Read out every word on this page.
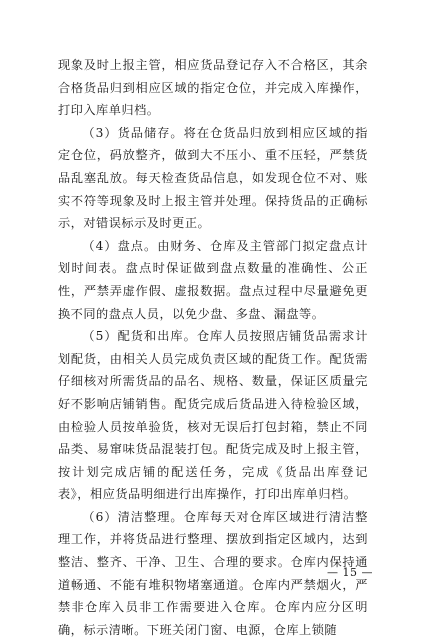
现象及时上报主管，相应货品登记存入不合格区，其余合格货品归到相应区域的指定仓位，并完成入库操作，打印入库单归档。

（3）货品储存。将在仓货品归放到相应区域的指定仓位，码放整齐，做到大不压小、重不压轻，严禁货品乱塞乱放。每天检查货品信息，如发现仓位不对、账实不符等现象及时上报主管并处理。保持货品的正确标示，对错误标示及时更正。

（4）盘点。由财务、仓库及主管部门拟定盘点计划时间表。盘点时保证做到盘点数量的准确性、公正性，严禁弄虚作假、虚报数据。盘点过程中尽量避免更换不同的盘点人员，以免少盘、多盘、漏盘等。

（5）配货和出库。仓库人员按照店铺货品需求计划配货，由相关人员完成负责区域的配货工作。配货需仔细核对所需货品的品名、规格、数量，保证区质量完好不影响店铺销售。配货完成后货品进入待检验区域，由检验人员按单验货，核对无误后打包封箱，禁止不同品类、易窜味货品混装打包。配货完成及时上报主管，按计划完成店铺的配送任务，完成《货品出库登记表》，相应货品明细进行出库操作，打印出库单归档。

（6）清洁整理。仓库每天对仓库区域进行清洁整理工作，并将货品进行整理、摆放到指定区域内，达到整洁、整齐、干净、卫生、合理的要求。仓库内保持通道畅通、不能有堆积物堵塞通道。仓库内严禁烟火，严禁非仓库入员非工作需要进入仓库。仓库内应分区明确，标示清晰。下班关闭门窗、电源，仓库上锁随

— 15 —
